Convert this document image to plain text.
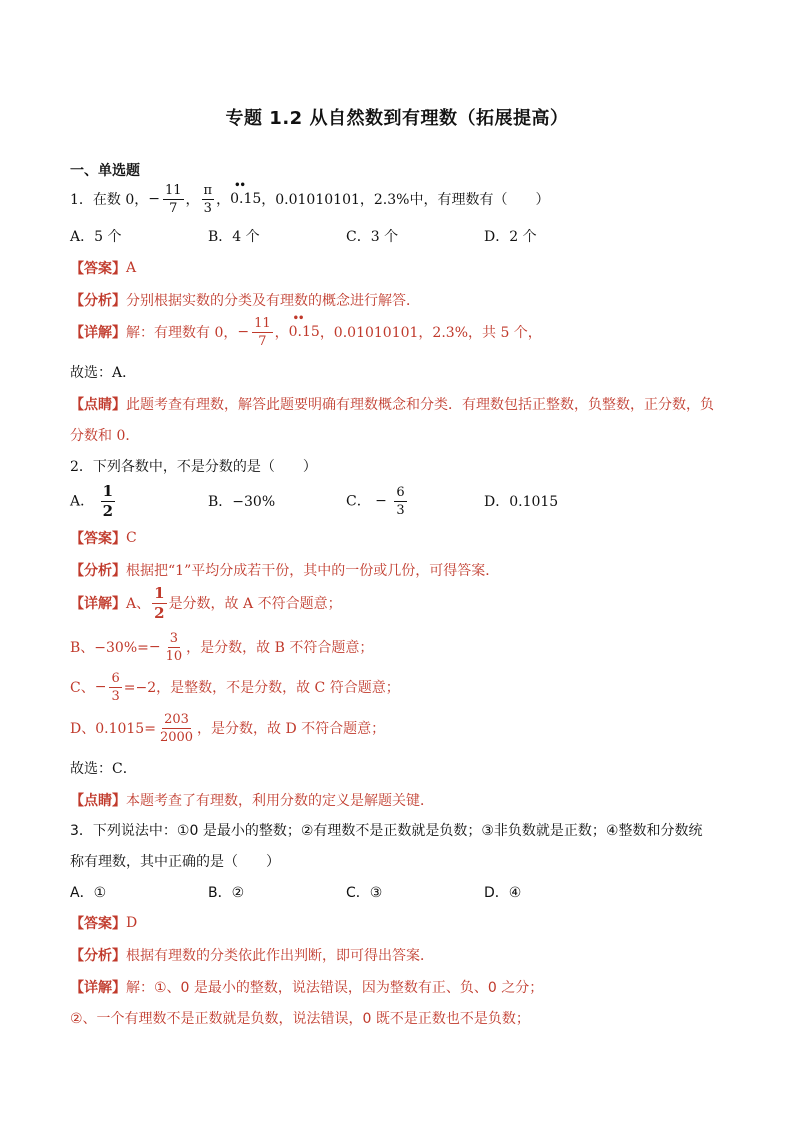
专题 1.2 从自然数到有理数（拓展提高）
一、单选题
1．在数 0， − $\frac{11}{7}$ ， $\frac{\pi}{3}$ ，
••
0.15 ，0.01010101，2.3%中，有理数有（　　）
A．5 个	B．4 个	C．3 个	D．2 个
【答案】 A
【分析】 分别根据实数的分类及有理数的概念进行解答．
【详解】 解：有理数有 0， − $\frac{11}{7}$ ，
••
0.15 ，0.01010101，2.3%，共 5 个，
故选：A．
【点睛】 此题考查有理数，解答此题要明确有理数概念和分类．有理数包括正整数，负整数，正分数，负
分数和 0．
2．下列各数中，不是分数的是（　　）
A． $\frac{1}{2}$	B．−30%	C． − $\frac{6}{3}$	D．0.1015
【答案】 C
【分析】 根据把“1”平均分成若干份，其中的一份或几份，可得答案．
【详解】 A、 $\frac{1}{2}$ 是分数，故 A 不符合题意；
B、$-30\%= - \frac{3}{10}$ ，是分数，故 B 不符合题意；
C、 − $\frac{6}{3} =-2$，是整数，不是分数，故 C 符合题意；
D、$0.1015= \frac{203}{2000}$ ，是分数，故 D 不符合题意；
故选：C．
【点睛】 本题考查了有理数，利用分数的定义是解题关键．
3．下列说法中：①0 是最小的整数；②有理数不是正数就是负数；③非负数就是正数；④整数和分数统
称有理数，其中正确的是（　　）
A．①	B．②	C．③	D．④
【答案】 D
【分析】 根据有理数的分类依此作出判断，即可得出答案．
【详解】 解：①、0 是最小的整数，说法错误，因为整数有正、负、0 之分；
②、一个有理数不是正数就是负数，说法错误，0 既不是正数也不是负数；
